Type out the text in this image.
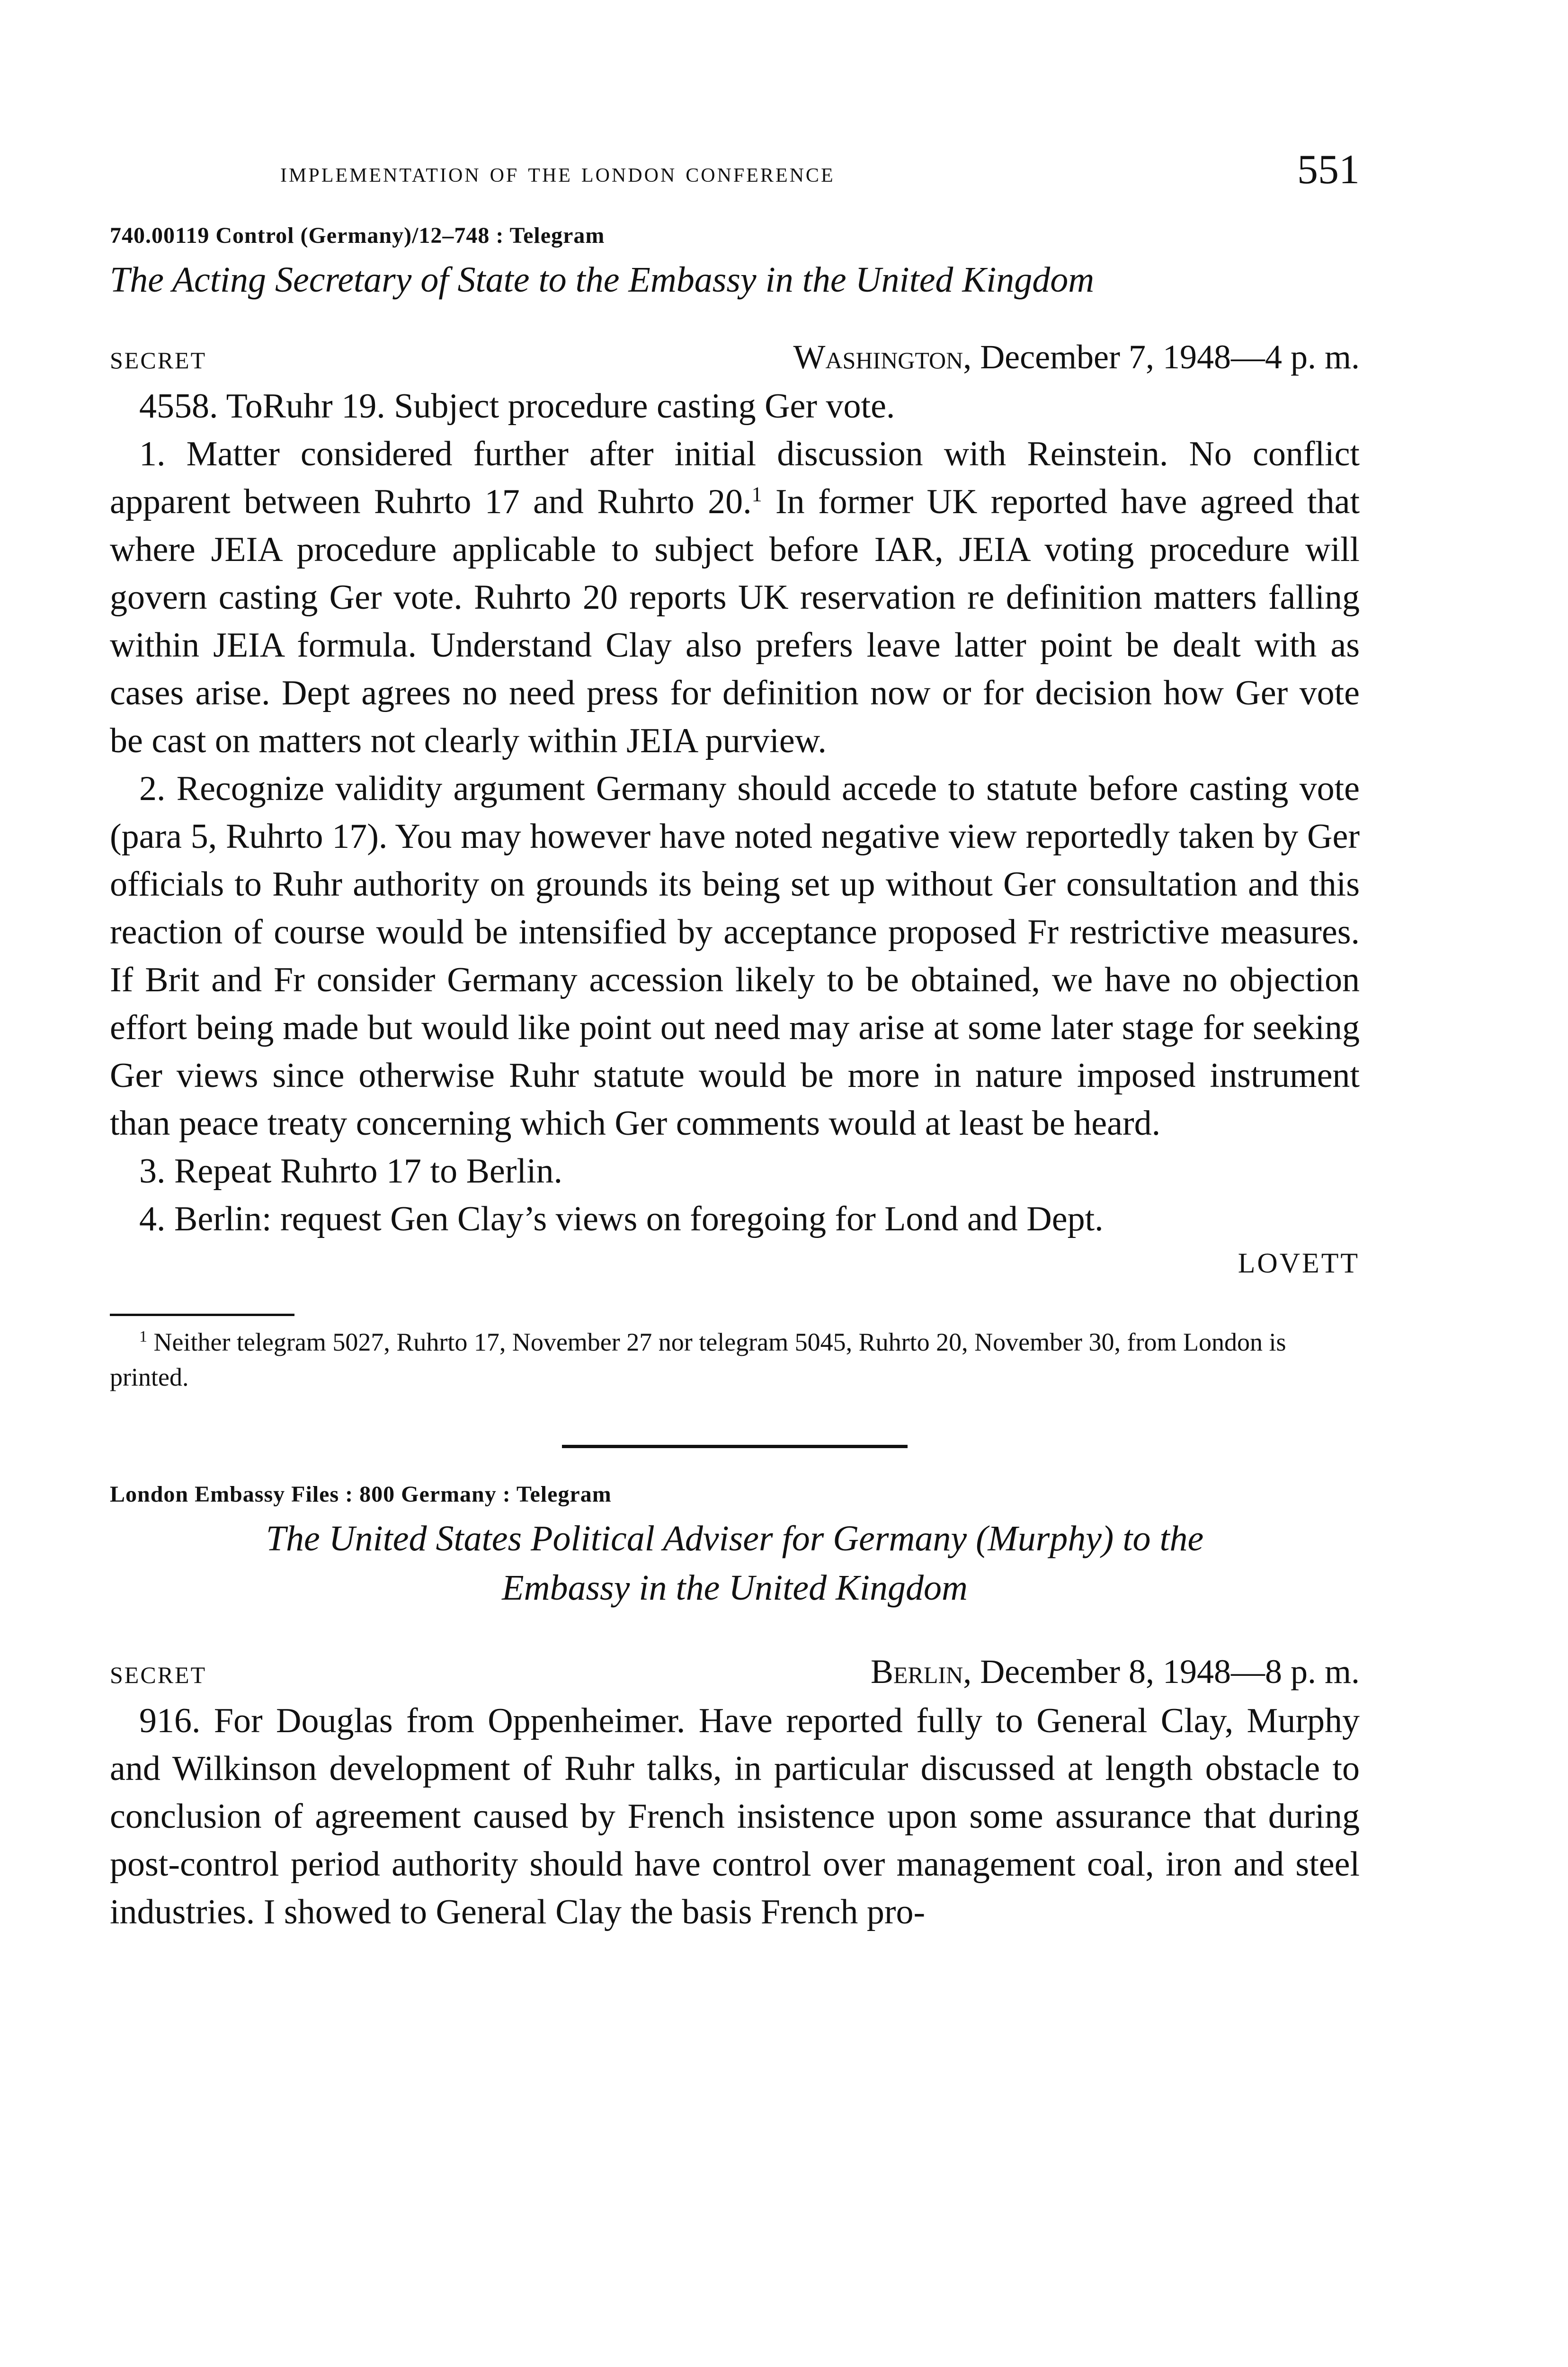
implementation of the london conference	551
740.00119 Control (Germany)/12–748 : Telegram
The Acting Secretary of State to the Embassy in the United Kingdom
SECRET	Washington, December 7, 1948—4 p. m.

4558. ToRuhr 19. Subject procedure casting Ger vote.

1. Matter considered further after initial discussion with Reinstein. No conflict apparent between Ruhrto 17 and Ruhrto 20.$^1$ In former UK reported have agreed that where JEIA procedure applicable to subject before IAR, JEIA voting procedure will govern casting Ger vote. Ruhrto 20 reports UK reservation re definition matters falling within JEIA formula. Understand Clay also prefers leave latter point be dealt with as cases arise. Dept agrees no need press for definition now or for decision how Ger vote be cast on matters not clearly within JEIA purview.

2. Recognize validity argument Germany should accede to statute before casting vote (para 5, Ruhrto 17). You may however have noted negative view reportedly taken by Ger officials to Ruhr authority on grounds its being set up without Ger consultation and this reaction of course would be intensified by acceptance proposed Fr restrictive measures. If Brit and Fr consider Germany accession likely to be obtained, we have no objection effort being made but would like point out need may arise at some later stage for seeking Ger views since otherwise Ruhr statute would be more in nature imposed instrument than peace treaty concerning which Ger comments would at least be heard.

3. Repeat Ruhrto 17 to Berlin.

4. Berlin: request Gen Clay’s views on foregoing for Lond and Dept.

LOVETT
$^1$ Neither telegram 5027, Ruhrto 17, November 27 nor telegram 5045, Ruhrto 20, November 30, from London is printed.
London Embassy Files : 800 Germany : Telegram
The United States Political Adviser for Germany (Murphy) to the
Embassy in the United Kingdom
SECRET	Berlin, December 8, 1948—8 p. m.

916. For Douglas from Oppenheimer. Have reported fully to General Clay, Murphy and Wilkinson development of Ruhr talks, in particular discussed at length obstacle to conclusion of agreement caused by French insistence upon some assurance that during post-control period authority should have control over management coal, iron and steel industries. I showed to General Clay the basis French pro-
